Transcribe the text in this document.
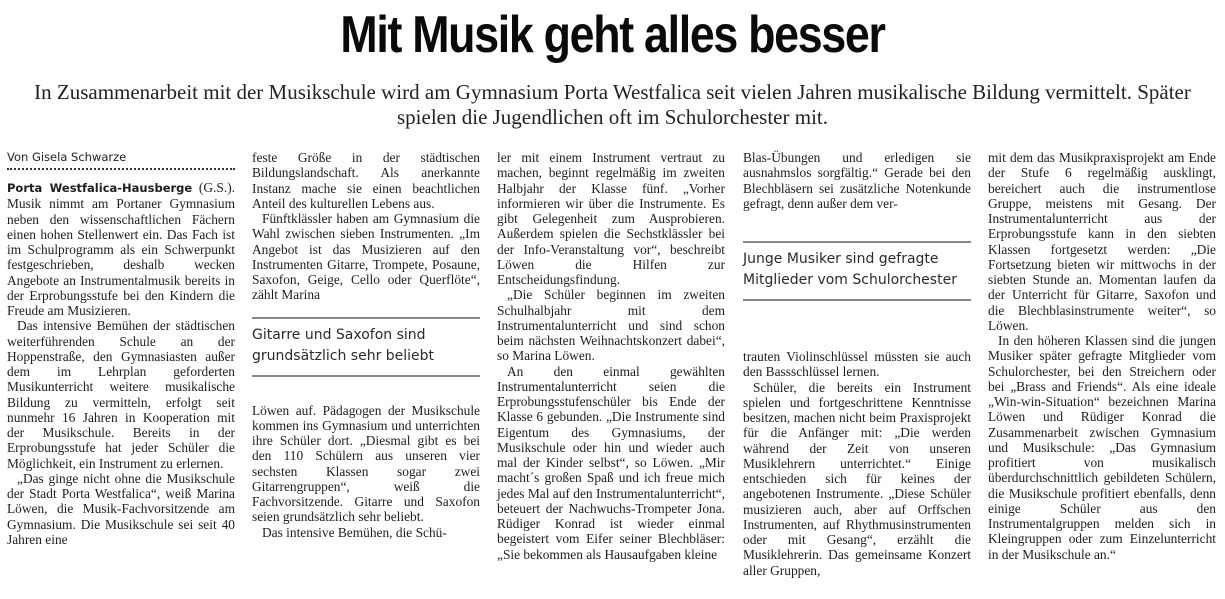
Mit Musik geht alles besser
In Zusammenarbeit mit der Musikschule wird am Gymnasium Porta Westfalica seit vielen Jahren musikalische Bildung vermittelt. Später spielen die Jugendlichen oft im Schulorchester mit.

Von Gisela Schwarze

Porta Westfalica-Hausberge (G.S.). Musik nimmt am Portaner Gymnasium neben den wissenschaftlichen Fächern einen hohen Stellenwert ein. Das Fach ist im Schulprogramm als ein Schwerpunkt festgeschrieben, deshalb wecken Angebote an Instrumentalmusik bereits in der Erprobungsstufe bei den Kindern die Freude am Musizieren.

Das intensive Bemühen der städtischen weiterführenden Schule an der Hoppenstraße, den Gymnasiasten außer dem im Lehrplan geforderten Musikunterricht weitere musikalische Bildung zu vermitteln, erfolgt seit nunmehr 16 Jahren in Kooperation mit der Musikschule. Bereits in der Erprobungsstufe hat jeder Schüler die Möglichkeit, ein Instrument zu erlernen.

„Das ginge nicht ohne die Musikschule der Stadt Porta Westfalica“, weiß Marina Löwen, die Musik-Fachvorsitzende am Gymnasium. Die Musikschule sei seit 40 Jahren eine

feste Größe in der städtischen Bildungslandschaft. Als anerkannte Instanz mache sie einen beachtlichen Anteil des kulturellen Lebens aus.

Fünftklässler haben am Gymnasium die Wahl zwischen sieben Instrumenten. „Im Angebot ist das Musizieren auf den Instrumenten Gitarre, Trompete, Posaune, Saxofon, Geige, Cello oder Querflöte“, zählt Marina

Gitarre und Saxofon sind grundsätzlich sehr beliebt

Löwen auf. Pädagogen der Musikschule kommen ins Gymnasium und unterrichten ihre Schüler dort. „Diesmal gibt es bei den 110 Schülern aus unseren vier sechsten Klassen sogar zwei Gitarrengruppen“, weiß die Fachvorsitzende. Gitarre und Saxofon seien grundsätzlich sehr beliebt.

Das intensive Bemühen, die Schü-

ler mit einem Instrument vertraut zu machen, beginnt regelmäßig im zweiten Halbjahr der Klasse fünf. „Vorher informieren wir über die Instrumente. Es gibt Gelegenheit zum Ausprobieren. Außerdem spielen die Sechstklässler bei der Info-Veranstaltung vor“, beschreibt Löwen die Hilfen zur Entscheidungsfindung.

„Die Schüler beginnen im zweiten Schulhalbjahr mit dem Instrumentalunterricht und sind schon beim nächsten Weihnachtskonzert dabei“, so Marina Löwen.

An den einmal gewählten Instrumentalunterricht seien die Erprobungsstufenschüler bis Ende der Klasse 6 gebunden. „Die Instrumente sind Eigentum des Gymnasiums, der Musikschule oder hin und wieder auch mal der Kinder selbst“, so Löwen. „Mir macht´s großen Spaß und ich freue mich jedes Mal auf den Instrumentalunterricht“, beteuert der Nachwuchs-Trompeter Jona. Rüdiger Konrad ist wieder einmal begeistert vom Eifer seiner Blechbläser: „Sie bekommen als Hausaufgaben kleine

Blas-Übungen und erledigen sie ausnahmslos sorgfältig.“ Gerade bei den Blechbläsern sei zusätzliche Notenkunde gefragt, denn außer dem ver-

Junge Musiker sind gefragte Mitglieder vom Schulorchester

trauten Violinschlüssel müssten sie auch den Bassschlüssel lernen.

Schüler, die bereits ein Instrument spielen und fortgeschrittene Kenntnisse besitzen, machen nicht beim Praxisprojekt für die Anfänger mit: „Die werden während der Zeit von unseren Musiklehrern unterrichtet.“ Einige entschieden sich für keines der angebotenen Instrumente. „Diese Schüler musizieren auch, aber auf Orffschen Instrumenten, auf Rhythmusinstrumenten oder mit Gesang“, erzählt die Musiklehrerin. Das gemeinsame Konzert aller Gruppen,

mit dem das Musikpraxisprojekt am Ende der Stufe 6 regelmäßig ausklingt, bereichert auch die instrumentlose Gruppe, meistens mit Gesang. Der Instrumentalunterricht aus der Erprobungsstufe kann in den siebten Klassen fortgesetzt werden: „Die Fortsetzung bieten wir mittwochs in der siebten Stunde an. Momentan laufen da der Unterricht für Gitarre, Saxofon und die Blechblasinstrumente weiter“, so Löwen.

In den höheren Klassen sind die jungen Musiker später gefragte Mitglieder vom Schulorchester, bei den Streichern oder bei „Brass and Friends“. Als eine ideale „Win-win-Situation“ bezeichnen Marina Löwen und Rüdiger Konrad die Zusammenarbeit zwischen Gymnasium und Musikschule: „Das Gymnasium profitiert von musikalisch überdurchschnittlich gebildeten Schülern, die Musikschule profitiert ebenfalls, denn einige Schüler aus den Instrumentalgruppen melden sich in Kleingruppen oder zum Einzelunterricht in der Musikschule an.“
